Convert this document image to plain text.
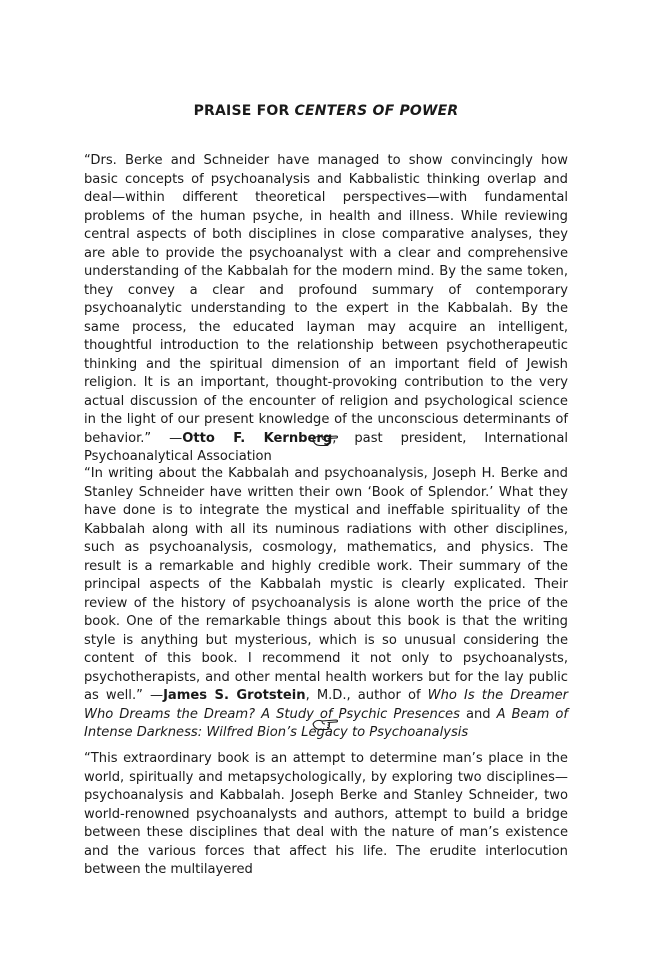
PRAISE FOR CENTERS OF POWER

“Drs. Berke and Schneider have managed to show convincingly how basic concepts of psychoanalysis and Kabbalistic thinking overlap and deal—within different theoretical perspectives—with fundamental problems of the human psyche, in health and illness. While reviewing central aspects of both disciplines in close comparative analyses, they are able to provide the psychoanalyst with a clear and comprehensive understanding of the Kabbalah for the modern mind. By the same token, they convey a clear and profound summary of contemporary psychoanalytic understanding to the expert in the Kabbalah. By the same process, the educated layman may acquire an intelligent, thoughtful introduction to the relationship between psychotherapeutic thinking and the spiritual dimension of an important field of Jewish religion. It is an important, thought-provoking contribution to the very actual discussion of the encounter of religion and psychological science in the light of our present knowledge of the unconscious determinants of behavior.” —Otto F. Kernberg, past president, International Psychoanalytical Association

“In writing about the Kabbalah and psychoanalysis, Joseph H. Berke and Stanley Schneider have written their own ‘Book of Splendor.’ What they have done is to integrate the mystical and ineffable spirituality of the Kabbalah along with all its numinous radiations with other disciplines, such as psychoanalysis, cosmology, mathematics, and physics. The result is a remarkable and highly credible work. Their summary of the principal aspects of the Kabbalah mystic is clearly explicated. Their review of the history of psychoanalysis is alone worth the price of the book. One of the remarkable things about this book is that the writing style is anything but mysterious, which is so unusual considering the content of this book. I recommend it not only to psychoanalysts, psychotherapists, and other mental health workers but for the lay public as well.” —James S. Grotstein, M.D., author of Who Is the Dreamer Who Dreams the Dream? A Study of Psychic Presences and A Beam of Intense Darkness: Wilfred Bion’s Legacy to Psychoanalysis

“This extraordinary book is an attempt to determine man’s place in the world, spiritually and metapsychologically, by exploring two disciplines—psychoanalysis and Kabbalah. Joseph Berke and Stanley Schneider, two world-renowned psychoanalysts and authors, attempt to build a bridge between these disciplines that deal with the nature of man’s existence and the various forces that affect his life. The erudite interlocution between the multilayered
